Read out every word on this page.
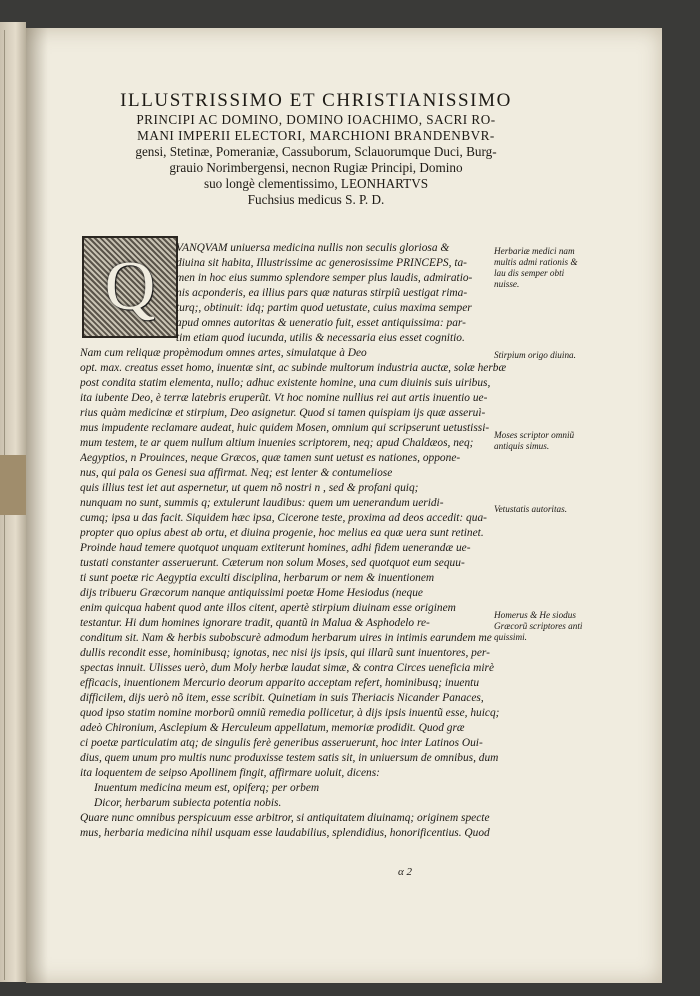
ILLUSTRISSIMO ET CHRISTIANISSIMO
PRINCIPI AC DOMINO, DOMINO IOACHIMO, SACRI RO-
MANI IMPERII ELECTORI, MARCHIONI BRANDENBVR-
gensi, Stetinæ, Pomeraniæ, Cassuborum, Sclauorumque Duci, Burg-
grauio Norimbergensi, necnon Rugiæ Principi, Domino
suo longè clementissimo, LEONHARTVS
Fuchsius medicus S. P. D.
Q	VANQVAM uniuersa medicina nullis non seculis gloriosa &
diuina sit habita, Illustrissime ac generosissime PRINCEPS, ta-
men in hoc eius summo splendore semper plus laudis, admiratio-
nis acponderis, ea illius pars quæ naturas stirpiũ uestigat rima-
turq;, obtinuit: idq; partim quod uetustate, cuius maxima semper
apud omnes autoritas & ueneratio fuit, esset antiquissima: par-
tim etiam quod iucunda, utilis & necessaria eius esset cognitio.
Nam cum reliquæ propèmodum omnes artes, simulatque à Deo
opt. max. creatus esset homo, inuentæ sint, ac subinde multorum industria auctæ, solæ herbæ
post condita statim elementa, nullo; adhuc existente homine, una cum diuinis suis uiribus,
ita iubente Deo, è terræ latebris eruperũt. Vt hoc nomine nullius rei aut artis inuentio ue-
rius quàm medicinæ et stirpium, Deo asignetur. Quod si tamen quispiam ijs quæ asseruì-
mus impudente reclamare audeat, huic quidem Mosen, omnium qui scripserunt uetustissi-
mum testem, te ar quem nullum altium inuenies scriptorem, neq; apud Chaldæos, neq;
Aegyptios, n Prouinces, neque Græcos, quæ tamen sunt uetust es nationes, oppone-
nus, qui pala os Genesi sua affirmat. Neq; est lenter & contumeliose
quis illius test iet aut aspernetur, ut quem nõ nostri n , sed & profani quiq;
nunquam no sunt, summis q; extulerunt laudibus: quem um uenerandum ueridi-
cumq; ipsa u das facit. Siquidem hæc ipsa, Cicerone teste, proxima ad deos accedit: qua-
propter quo opius abest ab ortu, et diuina progenie, hoc melius ea quæ uera sunt retinet.
Proinde haud temere quotquot unquam extiterunt homines, adhi fidem uenerandæ ue-
tustati constanter asseruerunt. Cæterum non solum Moses, sed quotquot eum sequu-
ti sunt poetæ ric Aegyptia exculti disciplina, herbarum or nem & inuentionem
dijs tribueru Græcorum nanque antiquissimi poetæ Home Hesiodus (neque
enim quicqua habent quod ante illos citent, apertè stirpium diuinam esse originem
testantur. Hi dum homines ignorare tradit, quantũ in Malua & Asphodelo re-
conditum sit. Nam & herbis subobscurè admodum herbarum uires in intimis earundem me
dullis recondit esse, hominibusq; ignotas, nec nisi ijs ipsis, qui illarũ sunt inuentores, per-
spectas innuit. Ulisses uerò, dum Moly herbæ laudat simæ, & contra Circes ueneficia mirè
efficacis, inuentionem Mercurio deorum apparito acceptam refert, hominibusq; inuentu
difficilem, dijs uerò nõ item, esse scribit. Quinetiam in suis Theriacis Nicander Panaces,
quod ipso statim nomine morborũ omniũ remedia pollicetur, à dijs ipsis inuentũ esse, huicq;
adeò Chironium, Asclepium & Herculeum appellatum, memoriæ prodidit. Quod græ
ci poetæ particulatim atq; de singulis ferè generibus asseruerunt, hoc inter Latinos Oui-
dius, quem unum pro multis nunc produxisse testem satis sit, in uniuersum de omnibus, dum
ita loquentem de seipso Apollinem fingit, affirmare uoluit, dicens:
Inuentum medicina meum est, opiferq; per orbem
Dicor, herbarum subiecta potentia nobis.
Quare nunc omnibus perspicuum esse arbitror, si antiquitatem diuinamq; originem specte
mus, herbaria medicina nihil usquam esse laudabilius, splendidius, honorificentius. Quod
Herbariæ medici nam multis admi rationis & lau dis semper obti nuisse.
Stirpium origo diuina.
Moses scriptor omniũ antiquis simus.
Vetustatis autoritas.
Homerus & He siodus Græcorũ scriptores anti quissimi.
α 2
